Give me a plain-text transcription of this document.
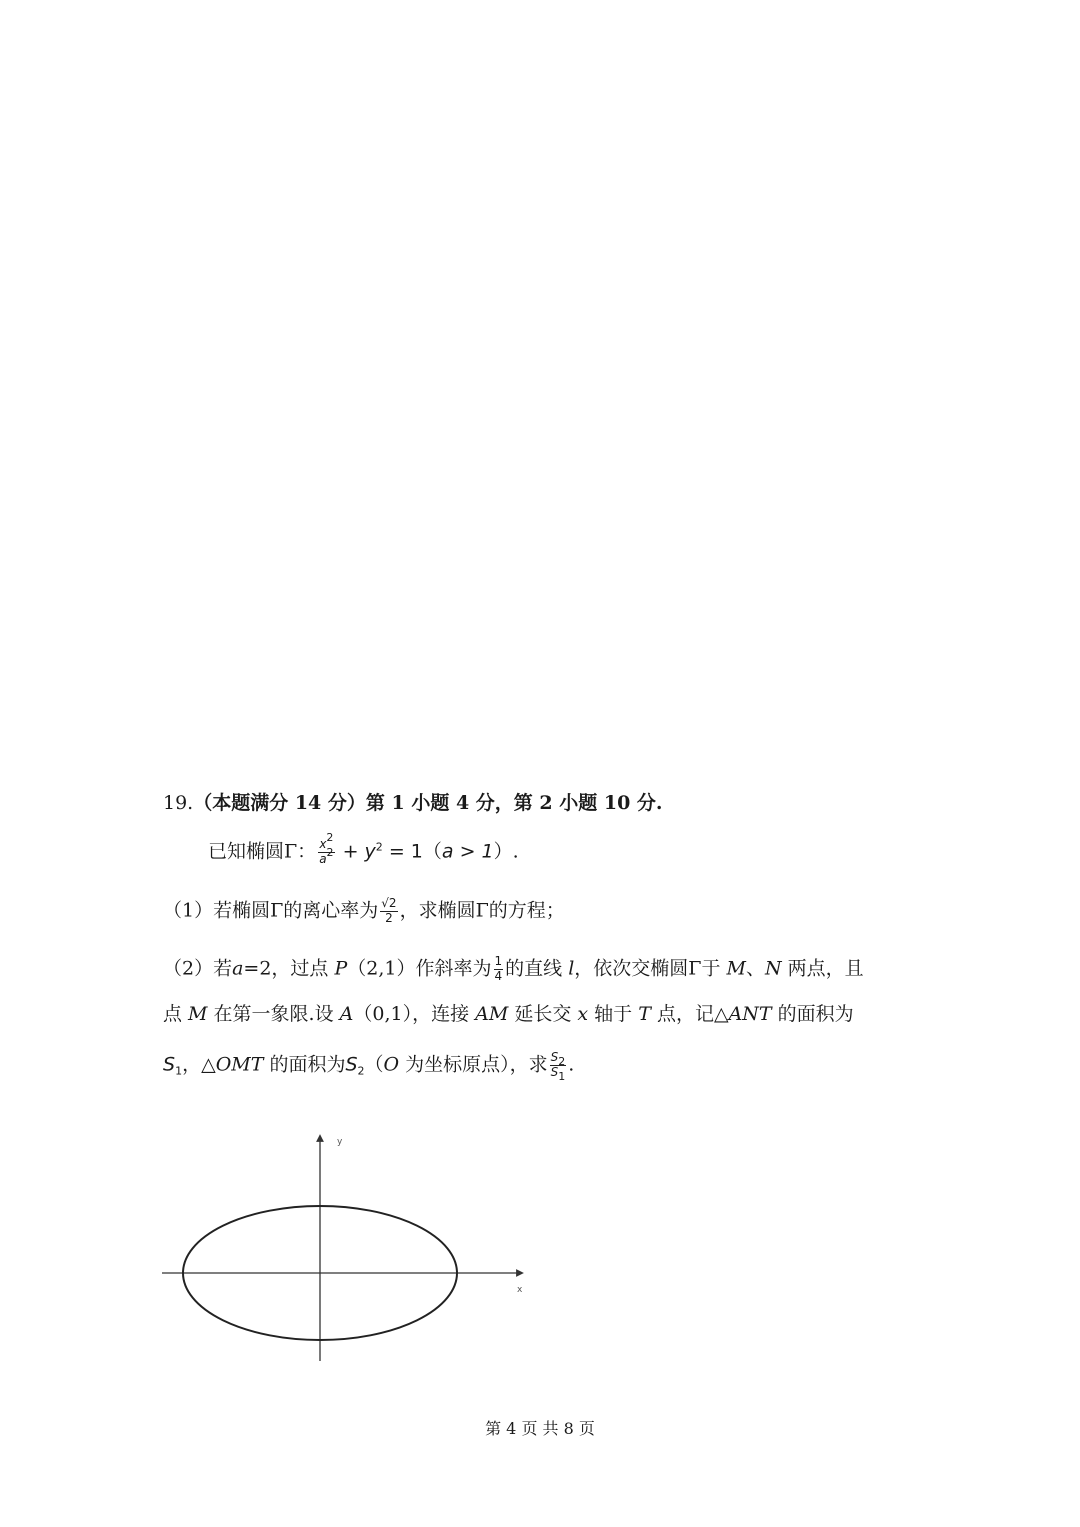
19.（本题满分 14 分）第 1 小题 4 分，第 2 小题 10 分.
已知椭圆Γ： $\frac{x^2}{a^2} + y^2 = 1(a > 1)$.
（1）若椭圆Γ的离心率为 $\frac{√2}{2}$ ，求椭圆Γ的方程；
（2）若a=2，过点 P（2,1）作斜率为 $\frac{1}{4}$ 的直线 l，依次交椭圆Γ于 M、N 两点，且
点 M 在第一象限.设 A（0,1），连接 AM 延长交 x 轴于 T 点，记△ANT 的面积为
$S_1$，△OMT 的面积为$S_2(O$ 为坐标原点），求 $\frac{S_2}{S_1}$ .
y
x
第 4 页 共 8 页
